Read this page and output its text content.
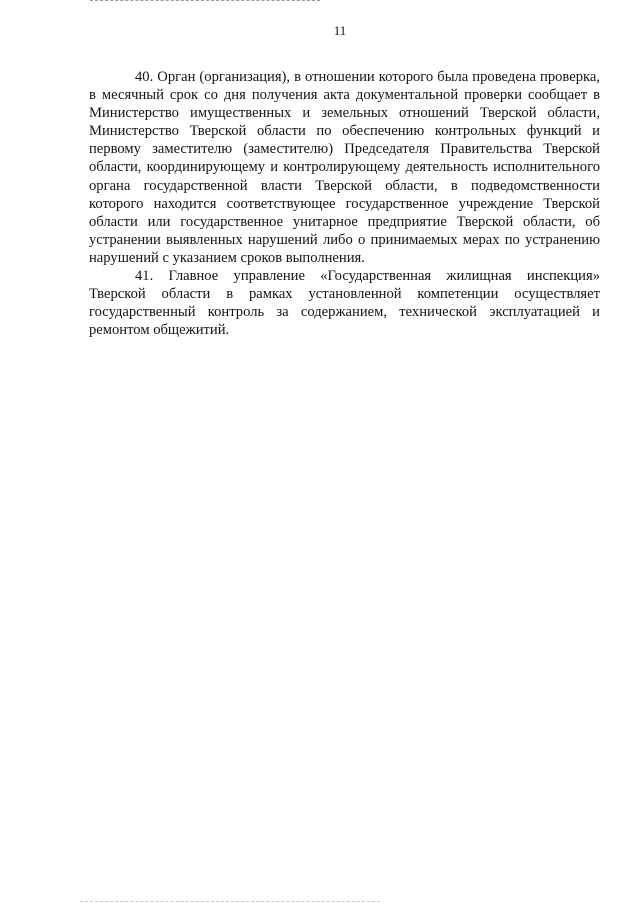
11

40. Орган (организация), в отношении которого была проведена проверка, в месячный срок со дня получения акта документальной проверки сообщает в Министерство имущественных и земельных отношений Тверской области, Министерство Тверской области по обеспечению контрольных функций и первому заместителю (заместителю) Председателя Правительства Тверской области, координирующему и контролирующему деятельность исполнительного органа государственной власти Тверской области, в подведомственности которого находится соответствующее государственное учреждение Тверской области или государственное унитарное предприятие Тверской области, об устранении выявленных нарушений либо о принимаемых мерах по устранению нарушений с указанием сроков выполнения.

41. Главное управление «Государственная жилищная инспекция» Тверской области в рамках установленной компетенции осуществляет государственный контроль за содержанием, технической эксплуатацией и ремонтом общежитий.
